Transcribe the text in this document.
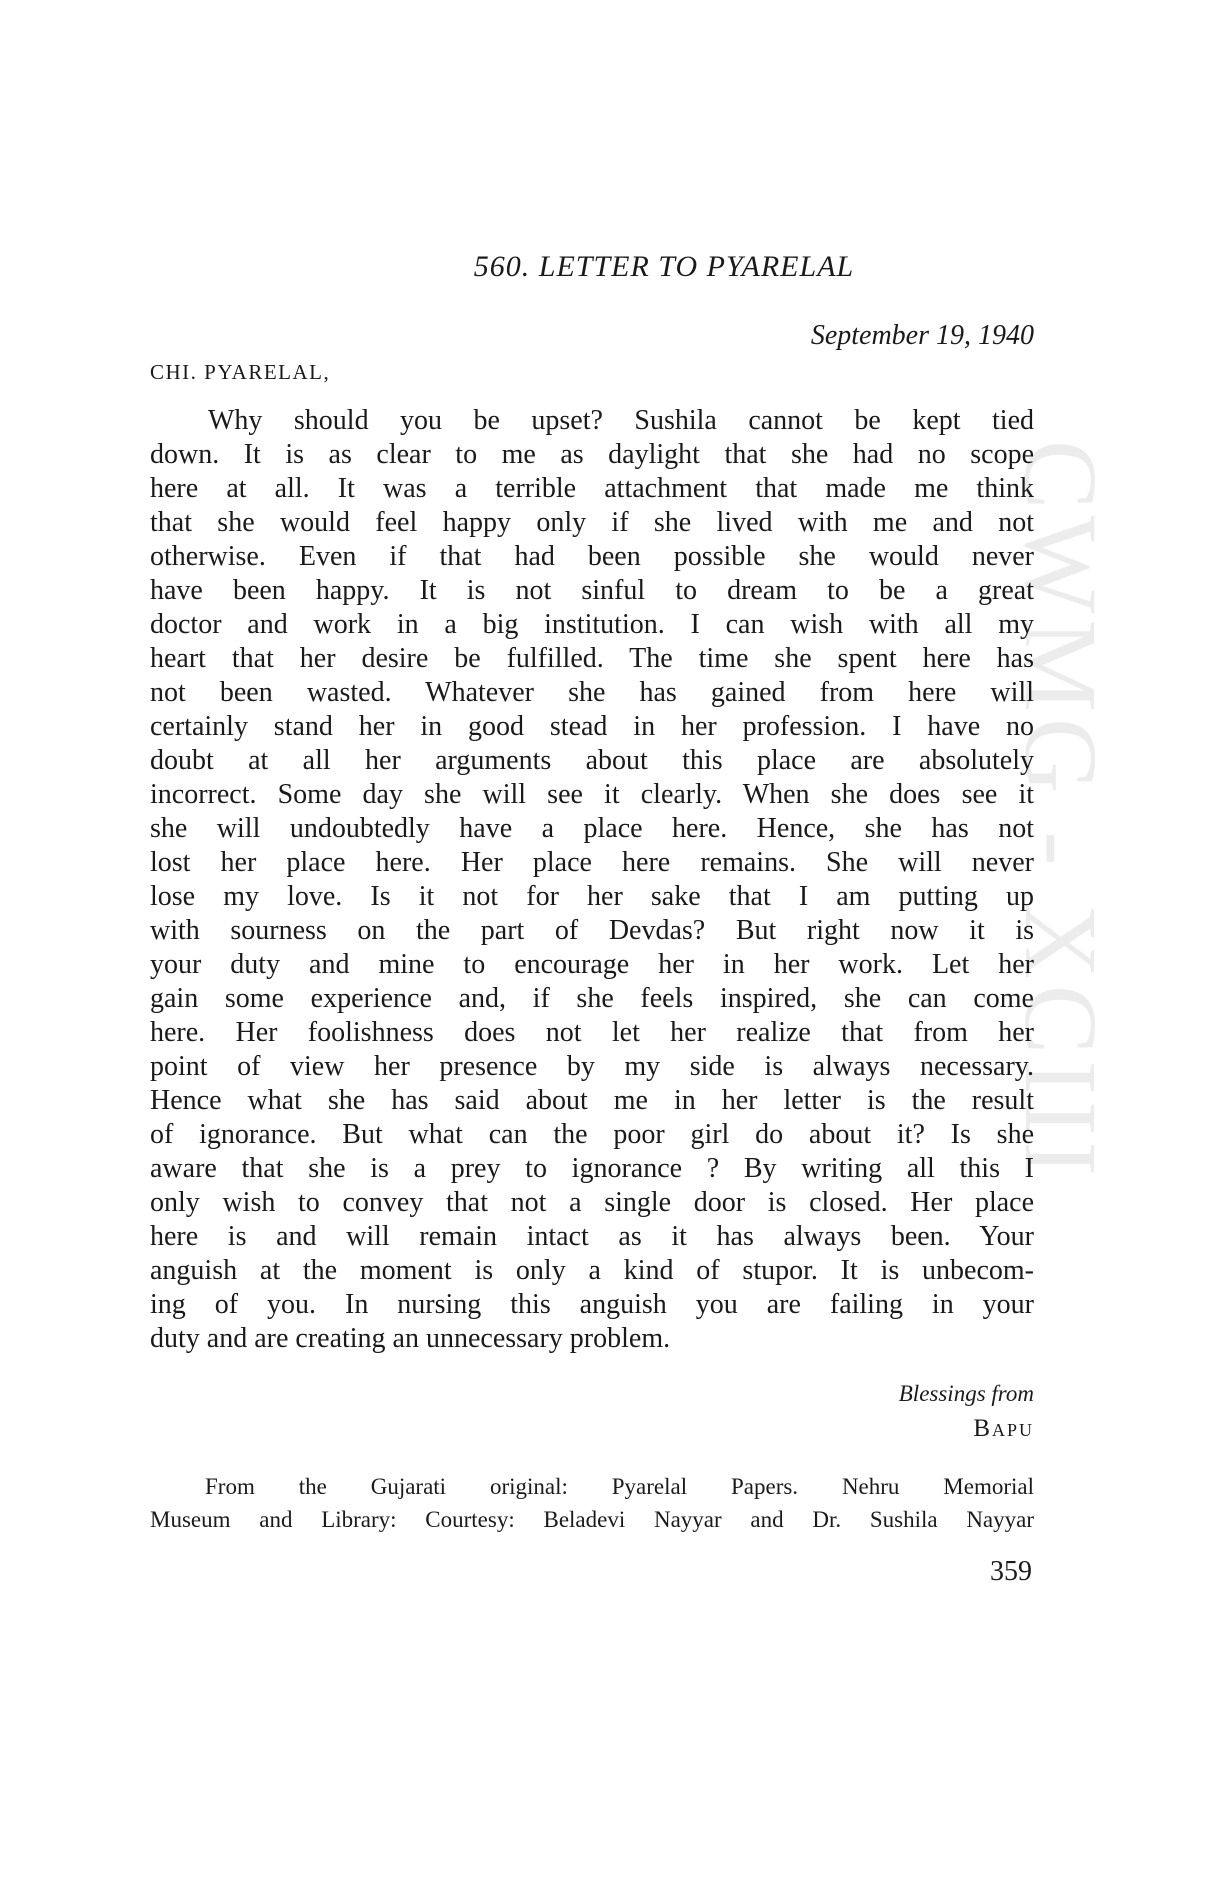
CWMG - XCIII
560. LETTER TO PYARELAL
September 19, 1940
CHI. PYARELAL,
Why should you be upset? Sushila cannot be kept tied
down. It is as clear to me as daylight that she had no scope
here at all. It was a terrible attachment that made me think
that she would feel happy only if she lived with me and not
otherwise. Even if that had been possible she would never
have been happy. It is not sinful to dream to be a great
doctor and work in a big institution. I can wish with all my
heart that her desire be fulfilled. The time she spent here has
not been wasted. Whatever she has gained from here will
certainly stand her in good stead in her profession. I have no
doubt at all her arguments about this place are absolutely
incorrect. Some day she will see it clearly. When she does see it
she will undoubtedly have a place here. Hence, she has not
lost her place here. Her place here remains. She will never
lose my love. Is it not for her sake that I am putting up
with sourness on the part of Devdas? But right now it is
your duty and mine to encourage her in her work. Let her
gain some experience and, if she feels inspired, she can come
here. Her foolishness does not let her realize that from her
point of view her presence by my side is always necessary.
Hence what she has said about me in her letter is the result
of ignorance. But what can the poor girl do about it? Is she
aware that she is a prey to ignorance ? By writing all this I
only wish to convey that not a single door is closed. Her place
here is and will remain intact as it has always been. Your
anguish at the moment is only a kind of stupor. It is unbecom-
ing of you. In nursing this anguish you are failing in your
duty and are creating an unnecessary problem.
Blessings from
Bapu
From the Gujarati original: Pyarelal Papers. Nehru Memorial
Museum and Library: Courtesy: Beladevi Nayyar and Dr. Sushila Nayyar
359
